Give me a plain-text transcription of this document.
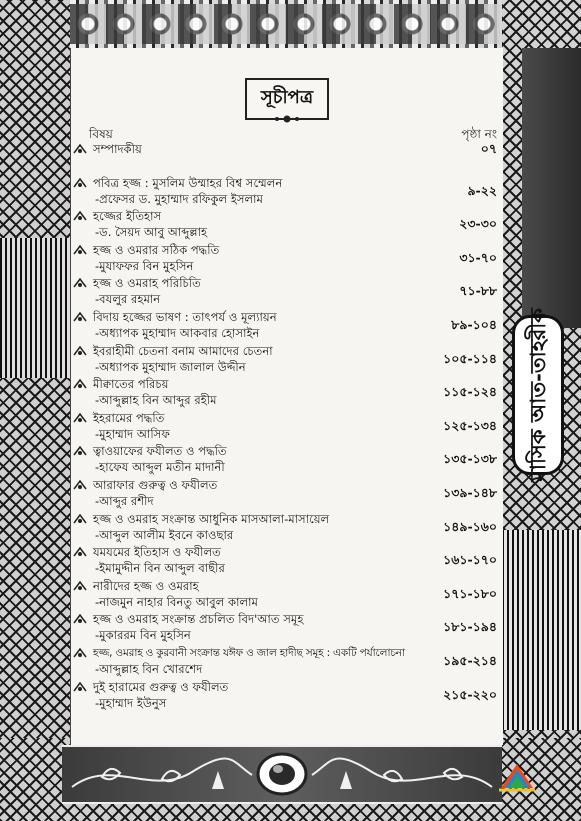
মাসিক আত-তাহরীক
সূচীপত্র
বিষয়	পৃষ্ঠা নং
সম্পাদকীয়	০৭
পবিত্র হজ্জ : মুসলিম উম্মাহর বিশ্ব সম্মেলন
-প্রফেসর ড. মুহাম্মাদ রফিকুল ইসলাম
৯-২২
হজ্জের ইতিহাস
-ড. সৈয়দ আবু আব্দুল্লাহ
২৩-৩০
হজ্জ ও ওমরার সঠিক পদ্ধতি
-মুযাফফর বিন মুহসিন
৩১-৭০
হজ্জ ও ওমরাহ পরিচিতি
-বযলুর রহমান
৭১-৮৮
বিদায় হজ্জের ভাষণ : তাৎপর্য ও মূল্যায়ন
-অধ্যাপক মুহাম্মাদ আকবার হোসাইন
৮৯-১০৪
ইবরাহীমী চেতনা বনাম আমাদের চেতনা
-অধ্যাপক মুহাম্মাদ জালাল উদ্দীন
১০৫-১১৪
মীক্বাতের পরিচয়
-আব্দুল্লাহ বিন আব্দুর রহীম
১১৫-১২৪
ইহরামের পদ্ধতি
-মুহাম্মাদ আসিফ
১২৫-১৩৪
ত্বাওয়াফের ফযীলত ও পদ্ধতি
-হাফেয আব্দুল মতীন মাদানী
১৩৫-১৩৮
আরাফার গুরুত্ব ও ফযীলত
-আব্দুর রশীদ
১৩৯-১৪৮
হজ্জ ও ওমরাহ সংক্রান্ত আধুনিক মাসআলা-মাসায়েল
-আব্দুল আলীম ইবনে কাওছার
১৪৯-১৬০
যমযমের ইতিহাস ও ফযীলত
-ইমামুদ্দীন বিন আব্দুল বাছীর
১৬১-১৭০
নারীদের হজ্জ ও ওমরাহ
-নাজমুন নাহার বিনতু আবুল কালাম
১৭১-১৮০
হজ্জ ও ওমরাহ সংক্রান্ত প্রচলিত বিদ'আত সমূহ
-মুকাররম বিন মুহসিন
১৮১-১৯৪
হজ্জ, ওমরাহ ও কুরবানী সংক্রান্ত যঈফ ও জাল হাদীছ সমূহ : একটি পর্যালোচনা
-আব্দুল্লাহ বিন খোরশেদ
১৯৫-২১৪
দুই হারামের গুরুত্ব ও ফযীলত
-মুহাম্মাদ ইউনুস
২১৫-২২০
